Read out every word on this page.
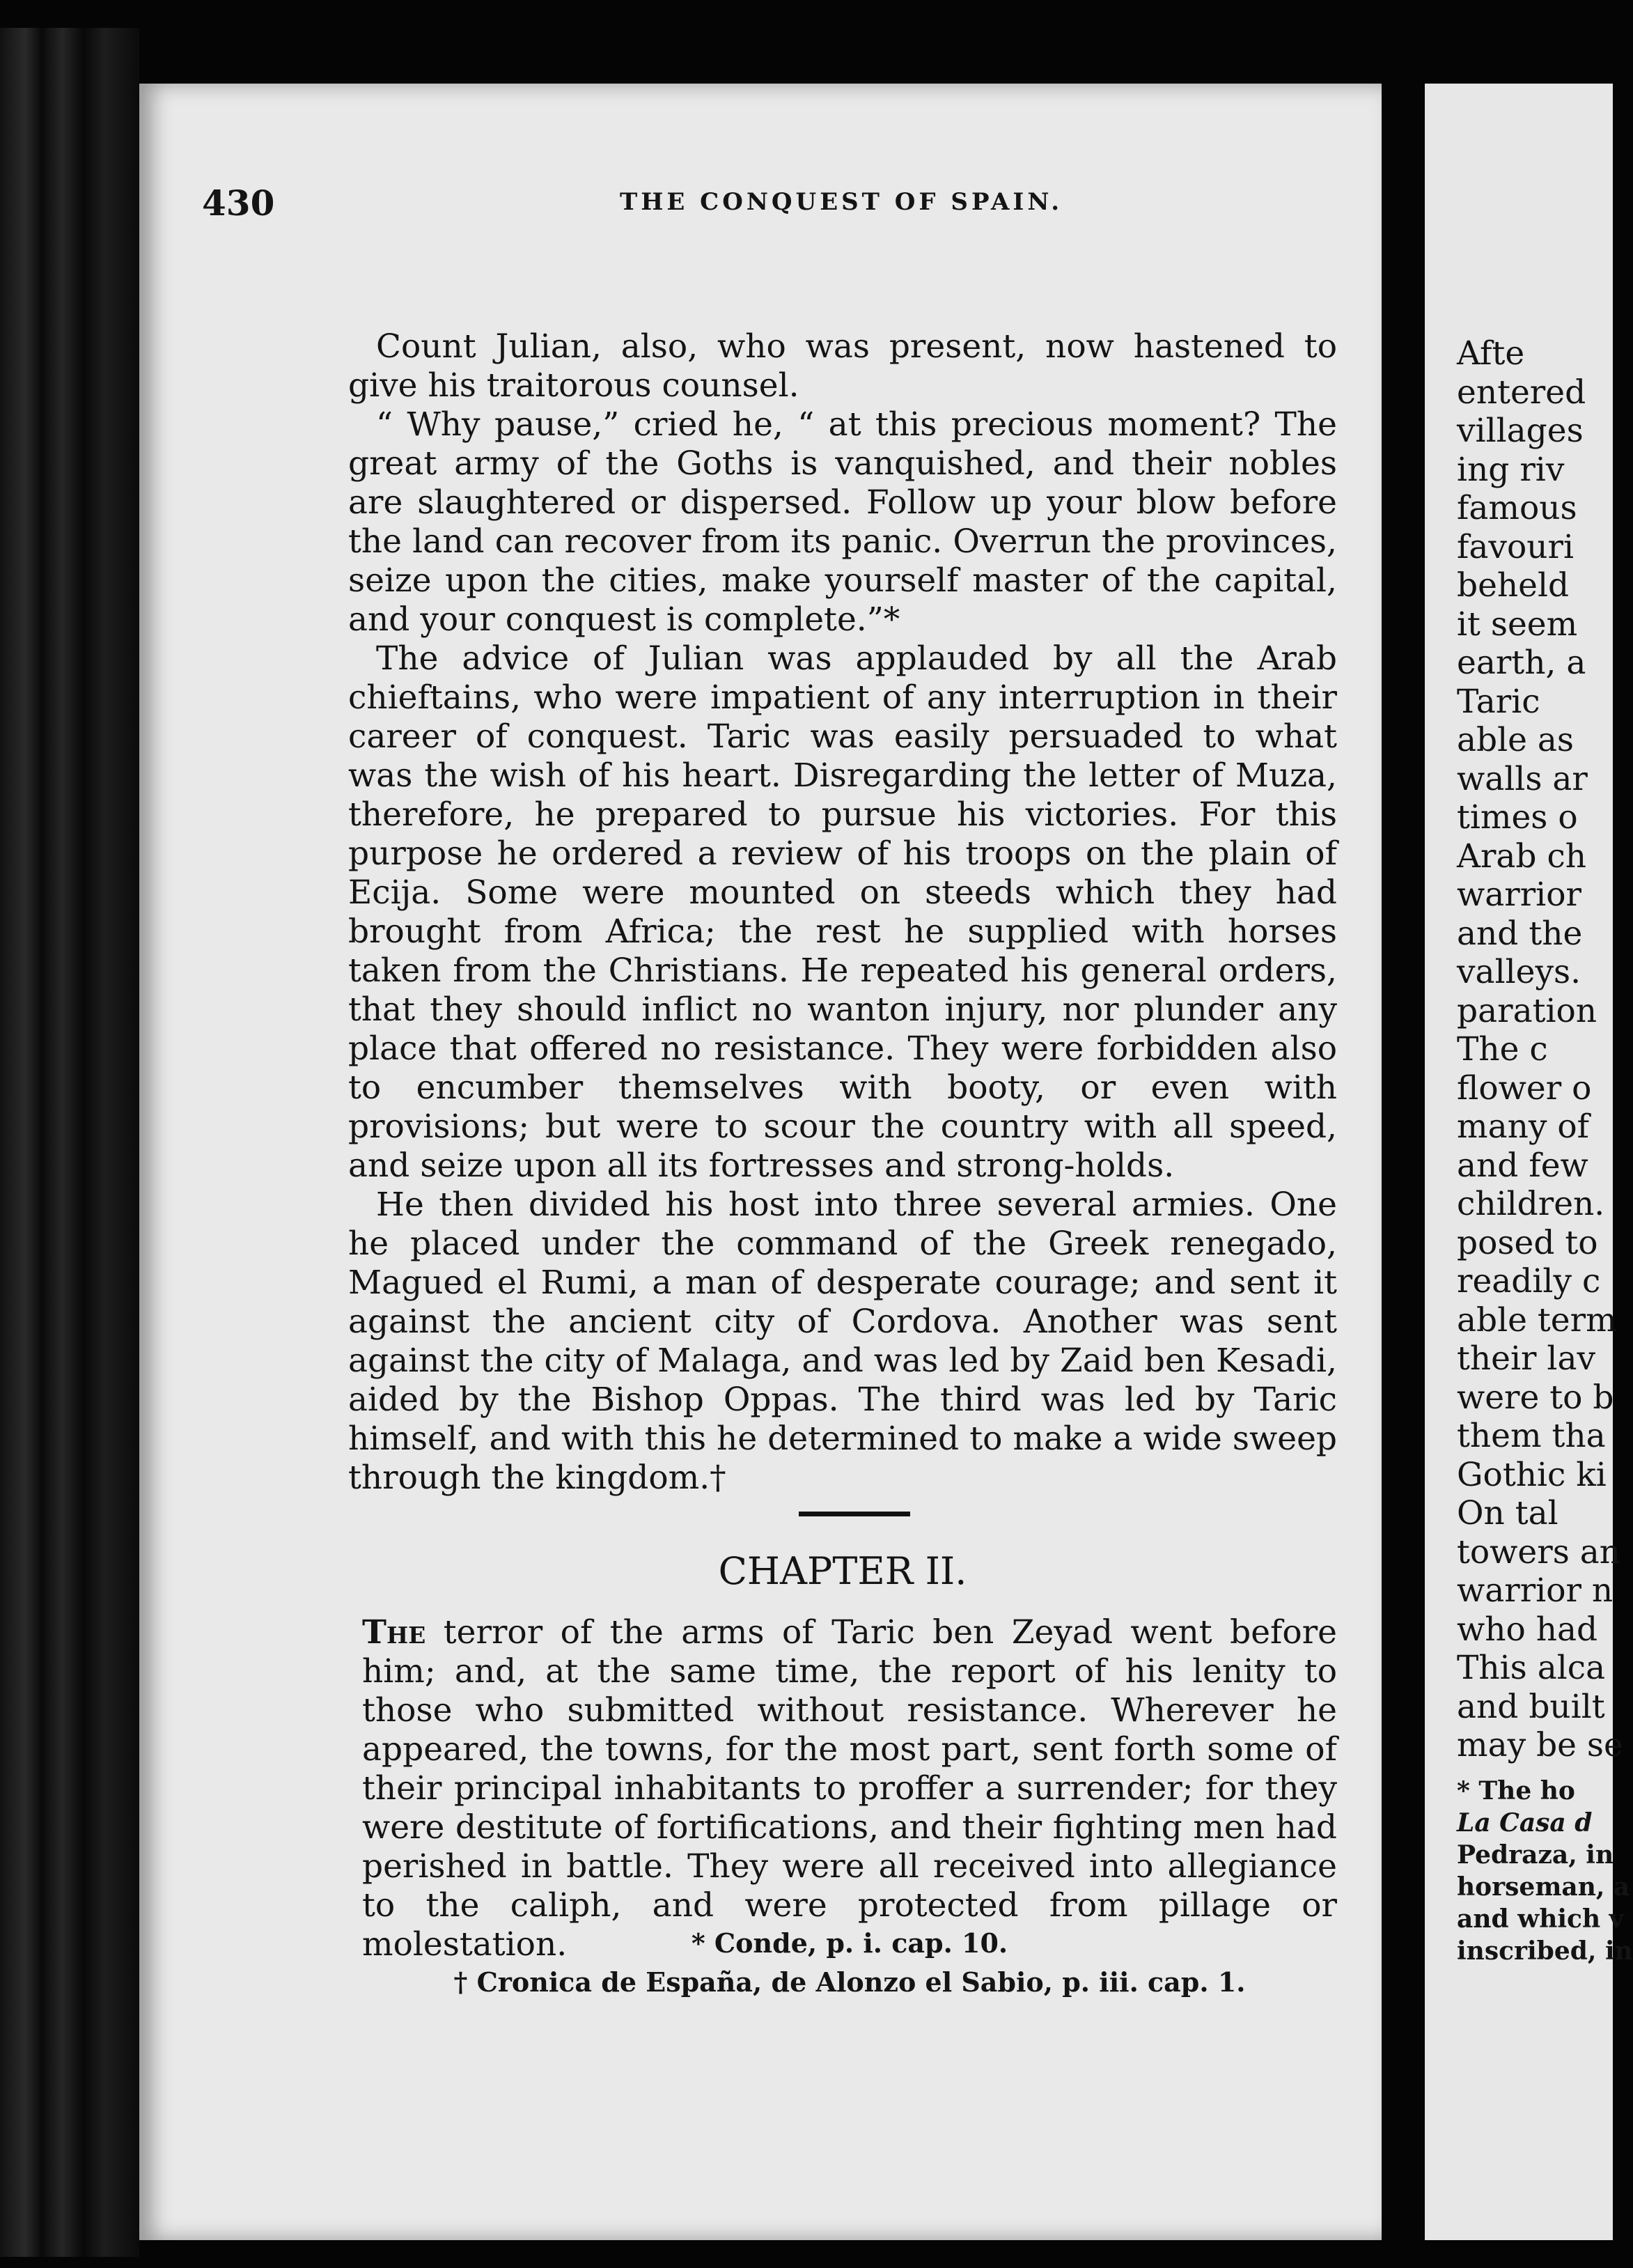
430	THE CONQUEST OF SPAIN.

Count Julian, also, who was present, now hastened to give his traitorous counsel.

“ Why pause,” cried he, “ at this precious moment? The great army of the Goths is vanquished, and their nobles are slaughtered or dispersed. Follow up your blow before the land can recover from its panic. Overrun the provinces, seize upon the cities, make yourself master of the capital, and your conquest is complete.”*

The advice of Julian was applauded by all the Arab chieftains, who were impatient of any interruption in their career of conquest. Taric was easily persuaded to what was the wish of his heart. Disregarding the letter of Muza, therefore, he prepared to pursue his victories. For this purpose he ordered a review of his troops on the plain of Ecija. Some were mounted on steeds which they had brought from Africa; the rest he supplied with horses taken from the Christians. He repeated his general orders, that they should inflict no wanton injury, nor plunder any place that offered no resistance. They were forbidden also to encumber themselves with booty, or even with provisions; but were to scour the country with all speed, and seize upon all its fortresses and strong-holds.

He then divided his host into three several armies. One he placed under the command of the Greek renegado, Magued el Rumi, a man of desperate courage; and sent it against the ancient city of Cordova. Another was sent against the city of Malaga, and was led by Zaid ben Kesadi, aided by the Bishop Oppas. The third was led by Taric himself, and with this he determined to make a wide sweep through the kingdom.†

CHAPTER II.

The terror of the arms of Taric ben Zeyad went before him; and, at the same time, the report of his lenity to those who submitted without resistance. Wherever he appeared, the towns, for the most part, sent forth some of their principal inhabitants to proffer a surrender; for they were destitute of fortifications, and their fighting men had perished in battle. They were all received into allegiance to the caliph, and were protected from pillage or molestation.	* Conde, p. i. cap. 10.
† Cronica de España, de Alonzo el Sabio, p. iii. cap. 1.
Afte
entered
villages
ing riv
famous
favouri
beheld
it seem
earth, a
Taric
able as
walls ar
times o
Arab ch
warrior
and the
valleys.
paration
The c
flower o
many of
and few
children.
posed to
readily c
able term
their lav
were to b
them tha
Gothic ki
On tal
towers an
warrior n
who had
This alca
and built
may be se
* The ho
La Casa d
Pedraza, in
horseman, a
and which v
inscribed, in
